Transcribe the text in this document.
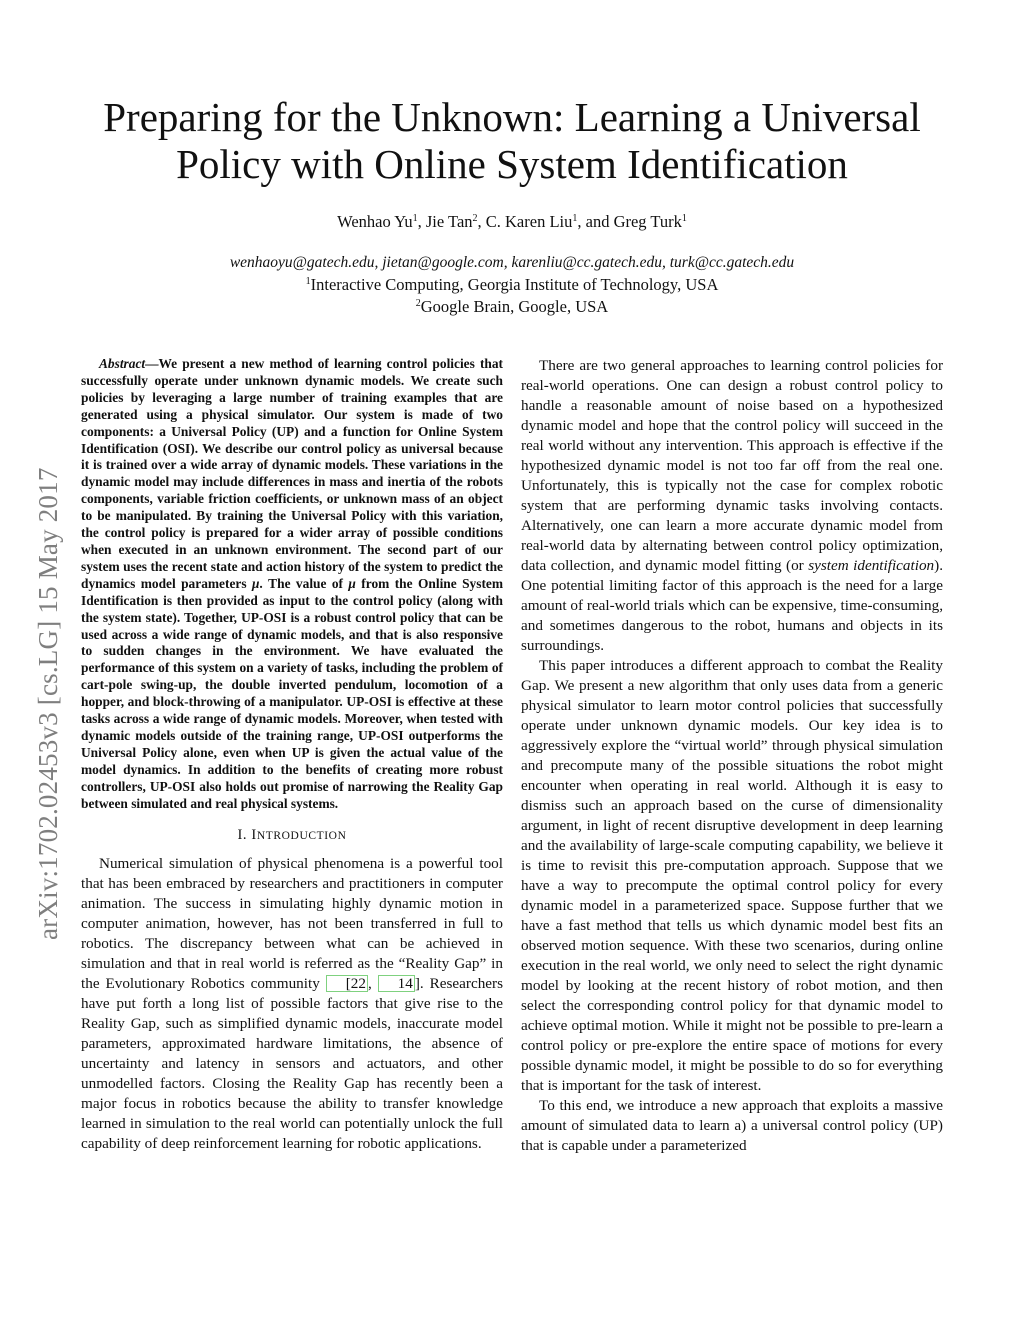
arXiv:1702.02453v3 [cs.LG] 15 May 2017
Preparing for the Unknown: Learning a Universal
Policy with Online System Identification
Wenhao Yu$^1$, Jie Tan$^2$, C. Karen Liu$^1$, and Greg Turk$^1$
wenhaoyu@gatech.edu, jietan@google.com, karenliu@cc.gatech.edu, turk@cc.gatech.edu
$^1$Interactive Computing, Georgia Institute of Technology, USA
$^2$Google Brain, Google, USA

Abstract—We present a new method of learning control policies that successfully operate under unknown dynamic models. We create such policies by leveraging a large number of training examples that are generated using a physical simulator. Our system is made of two components: a Universal Policy (UP) and a function for Online System Identification (OSI). We describe our control policy as universal because it is trained over a wide array of dynamic models. These variations in the dynamic model may include differences in mass and inertia of the robots components, variable friction coefficients, or unknown mass of an object to be manipulated. By training the Universal Policy with this variation, the control policy is prepared for a wider array of possible conditions when executed in an unknown environment. The second part of our system uses the recent state and action history of the system to predict the dynamics model parameters μ. The value of μ from the Online System Identification is then provided as input to the control policy (along with the system state). Together, UP-OSI is a robust control policy that can be used across a wide range of dynamic models, and that is also responsive to sudden changes in the environment. We have evaluated the performance of this system on a variety of tasks, including the problem of cart-pole swing-up, the double inverted pendulum, locomotion of a hopper, and block-throwing of a manipulator. UP-OSI is effective at these tasks across a wide range of dynamic models. Moreover, when tested with dynamic models outside of the training range, UP-OSI outperforms the Universal Policy alone, even when UP is given the actual value of the model dynamics. In addition to the benefits of creating more robust controllers, UP-OSI also holds out promise of narrowing the Reality Gap between simulated and real physical systems.

I. INTRODUCTION

Numerical simulation of physical phenomena is a powerful tool that has been embraced by researchers and practitioners in computer animation. The success in simulating highly dynamic motion in computer animation, however, has not been transferred in full to robotics. The discrepancy between what can be achieved in simulation and that in real world is referred as the “Reality Gap” in the Evolutionary Robotics community [22 , 14 ]. Researchers have put forth a long list of possible factors that give rise to the Reality Gap, such as simplified dynamic models, inaccurate model parameters, approximated hardware limitations, the absence of uncertainty and latency in sensors and actuators, and other unmodelled factors. Closing the Reality Gap has recently been a major focus in robotics because the ability to transfer knowledge learned in simulation to the real world can potentially unlock the full capability of deep reinforcement learning for robotic applications.

There are two general approaches to learning control policies for real-world operations. One can design a robust control policy to handle a reasonable amount of noise based on a hypothesized dynamic model and hope that the control policy will succeed in the real world without any intervention. This approach is effective if the hypothesized dynamic model is not too far off from the real one. Unfortunately, this is typically not the case for complex robotic system that are performing dynamic tasks involving contacts. Alternatively, one can learn a more accurate dynamic model from real-world data by alternating between control policy optimization, data collection, and dynamic model fitting (or system identification). One potential limiting factor of this approach is the need for a large amount of real-world trials which can be expensive, time-consuming, and sometimes dangerous to the robot, humans and objects in its surroundings.

This paper introduces a different approach to combat the Reality Gap. We present a new algorithm that only uses data from a generic physical simulator to learn motor control policies that successfully operate under unknown dynamic models. Our key idea is to aggressively explore the “virtual world” through physical simulation and precompute many of the possible situations the robot might encounter when operating in real world. Although it is easy to dismiss such an approach based on the curse of dimensionality argument, in light of recent disruptive development in deep learning and the availability of large-scale computing capability, we believe it is time to revisit this pre-computation approach. Suppose that we have a way to precompute the optimal control policy for every dynamic model in a parameterized space. Suppose further that we have a fast method that tells us which dynamic model best fits an observed motion sequence. With these two scenarios, during online execution in the real world, we only need to select the right dynamic model by looking at the recent history of robot motion, and then select the corresponding control policy for that dynamic model to achieve optimal motion. While it might not be possible to pre-learn a control policy or pre-explore the entire space of motions for every possible dynamic model, it might be possible to do so for everything that is important for the task of interest.

To this end, we introduce a new approach that exploits a massive amount of simulated data to learn a) a universal control policy (UP) that is capable under a parameterized
